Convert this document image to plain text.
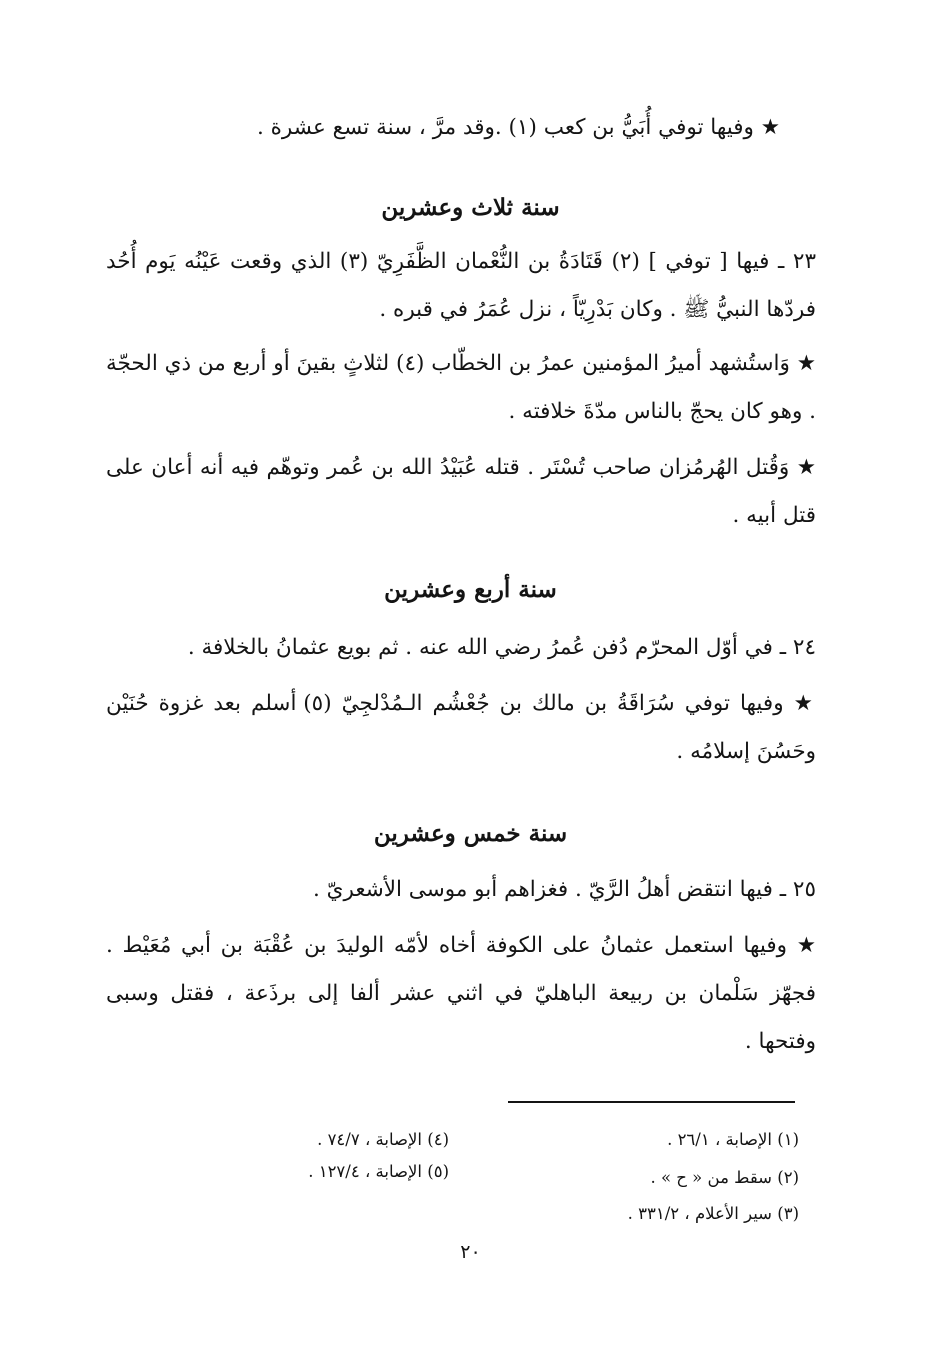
★ وفيها توفي أُبَيُّ بن كعب (١) .وقد مرَّ ، سنة تسع عشرة .
سنة ثلاث وعشرين
٢٣ ـ فيها [ توفي ] (٢) قَتَادَةُ بن النُّعْمان الظَّفَرِيّ (٣) الذي وقعت عَيْنُه يَوم أُحُد فردّها النبيُّ ﷺ . وكان بَدْرِيّاً ، نزل عُمَرُ في قبره .
★ وَاستُشهد أميرُ المؤمنين عمرُ بن الخطّاب (٤) لثلاثٍ بقينَ أو أربع من ذي الحجّة . وهو كان يحجّ بالناس مدّةَ خلافته .
★ وَقُتل الهُرمُزان صاحب تُسْتَر . قتله عُبَيْدُ الله بن عُمر وتوهّم فيه أنه أعان على قتل أبيه .
سنة أربع وعشرين
٢٤ ـ في أوّل المحرّم دُفن عُمرُ رضي الله عنه . ثم بويع عثمانُ بالخلافة .
★ وفيها توفي سُرَاقَةُ بن مالك بن جُعْشُم الـمُدْلجِيّ (٥) أسلم بعد غزوة حُنَيْن وحَسُنَ إسلامُه .
سنة خمس وعشرين
٢٥ ـ فيها انتقض أهلُ الرَّيّ . فغزاهم أبو موسى الأشعريّ .
★ وفيها استعمل عثمانُ على الكوفة أخاه لأمّه الوليدَ بن عُقْبَة بن أبي مُعَيْط . فجهّز سَلْمان بن ربيعة الباهليّ في اثني عشر ألفا إلى برذَعة ، فقتل وسبى وفتحها .
(١) الإصابة ، ٢٦/١ .
(٢) سقط من « ح » .
(٣) سير الأعلام ، ٣٣١/٢ .
(٤) الإصابة ، ٧٤/٧ .
(٥) الإصابة ، ١٢٧/٤ .
٢٠
